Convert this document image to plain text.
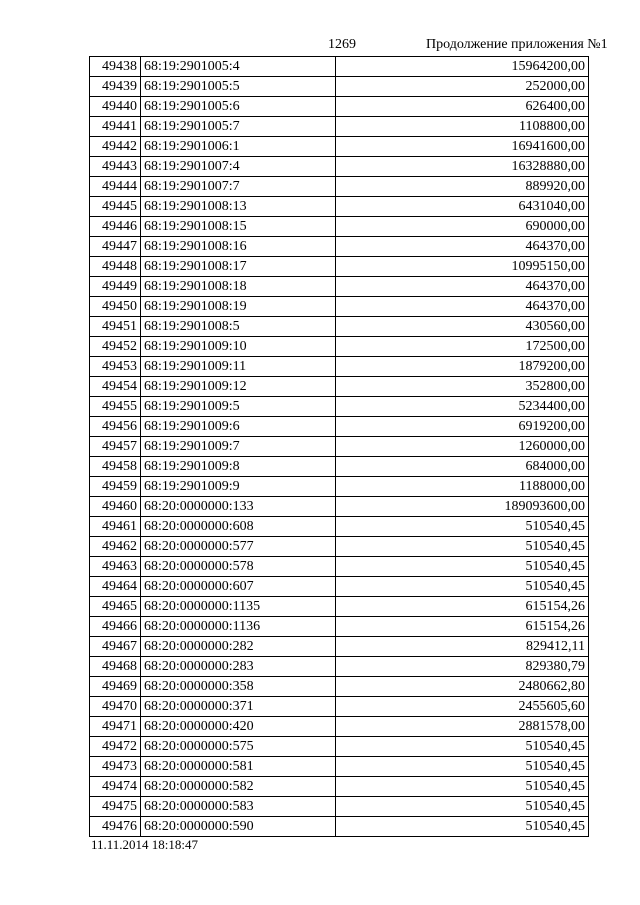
1269	Продолжение приложения №1
49438	68:19:2901005:4	15964200,00
49439	68:19:2901005:5	252000,00
49440	68:19:2901005:6	626400,00
49441	68:19:2901005:7	1108800,00
49442	68:19:2901006:1	16941600,00
49443	68:19:2901007:4	16328880,00
49444	68:19:2901007:7	889920,00
49445	68:19:2901008:13	6431040,00
49446	68:19:2901008:15	690000,00
49447	68:19:2901008:16	464370,00
49448	68:19:2901008:17	10995150,00
49449	68:19:2901008:18	464370,00
49450	68:19:2901008:19	464370,00
49451	68:19:2901008:5	430560,00
49452	68:19:2901009:10	172500,00
49453	68:19:2901009:11	1879200,00
49454	68:19:2901009:12	352800,00
49455	68:19:2901009:5	5234400,00
49456	68:19:2901009:6	6919200,00
49457	68:19:2901009:7	1260000,00
49458	68:19:2901009:8	684000,00
49459	68:19:2901009:9	1188000,00
49460	68:20:0000000:133	189093600,00
49461	68:20:0000000:608	510540,45
49462	68:20:0000000:577	510540,45
49463	68:20:0000000:578	510540,45
49464	68:20:0000000:607	510540,45
49465	68:20:0000000:1135	615154,26
49466	68:20:0000000:1136	615154,26
49467	68:20:0000000:282	829412,11
49468	68:20:0000000:283	829380,79
49469	68:20:0000000:358	2480662,80
49470	68:20:0000000:371	2455605,60
49471	68:20:0000000:420	2881578,00
49472	68:20:0000000:575	510540,45
49473	68:20:0000000:581	510540,45
49474	68:20:0000000:582	510540,45
49475	68:20:0000000:583	510540,45
49476	68:20:0000000:590	510540,45
11.11.2014 18:18:47
